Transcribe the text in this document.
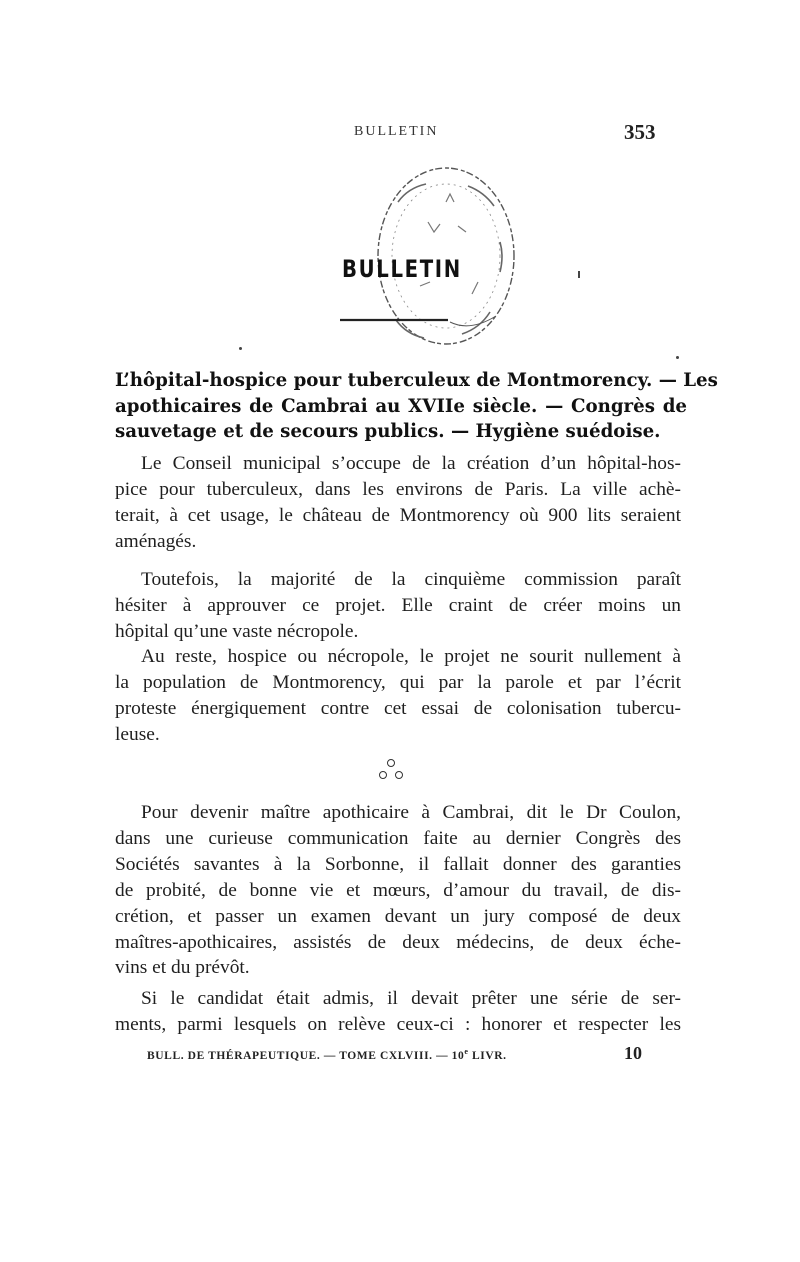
BULLETIN	353
BULLETIN
L’hôpital-hospice pour tuberculeux de Montmorency. — Les
apothicaires de Cambrai au XVIIe siècle. — Congrès de
sauvetage et de secours publics. — Hygiène suédoise.
Le Conseil municipal s’occupe de la création d’un hôpital-hos-
pice pour tuberculeux, dans les environs de Paris. La ville achè-
terait, à cet usage, le château de Montmorency où 900 lits seraient
aménagés.
Toutefois, la majorité de la cinquième commission paraît
hésiter à approuver ce projet. Elle craint de créer moins un
hôpital qu’une vaste nécropole.
Au reste, hospice ou nécropole, le projet ne sourit nullement à
la population de Montmorency, qui par la parole et par l’écrit
proteste énergiquement contre cet essai de colonisation tubercu-
leuse.
Pour devenir maître apothicaire à Cambrai, dit le Dr Coulon,
dans une curieuse communication faite au dernier Congrès des
Sociétés savantes à la Sorbonne, il fallait donner des garanties
de probité, de bonne vie et mœurs, d’amour du travail, de dis-
crétion, et passer un examen devant un jury composé de deux
maîtres-apothicaires, assistés de deux médecins, de deux éche-
vins et du prévôt.
Si le candidat était admis, il devait prêter une série de ser-
ments, parmi lesquels on relève ceux-ci : honorer et respecter les
BULL. DE THÉRAPEUTIQUE. — TOME CXLVIII. — 10e LIVR.	10
